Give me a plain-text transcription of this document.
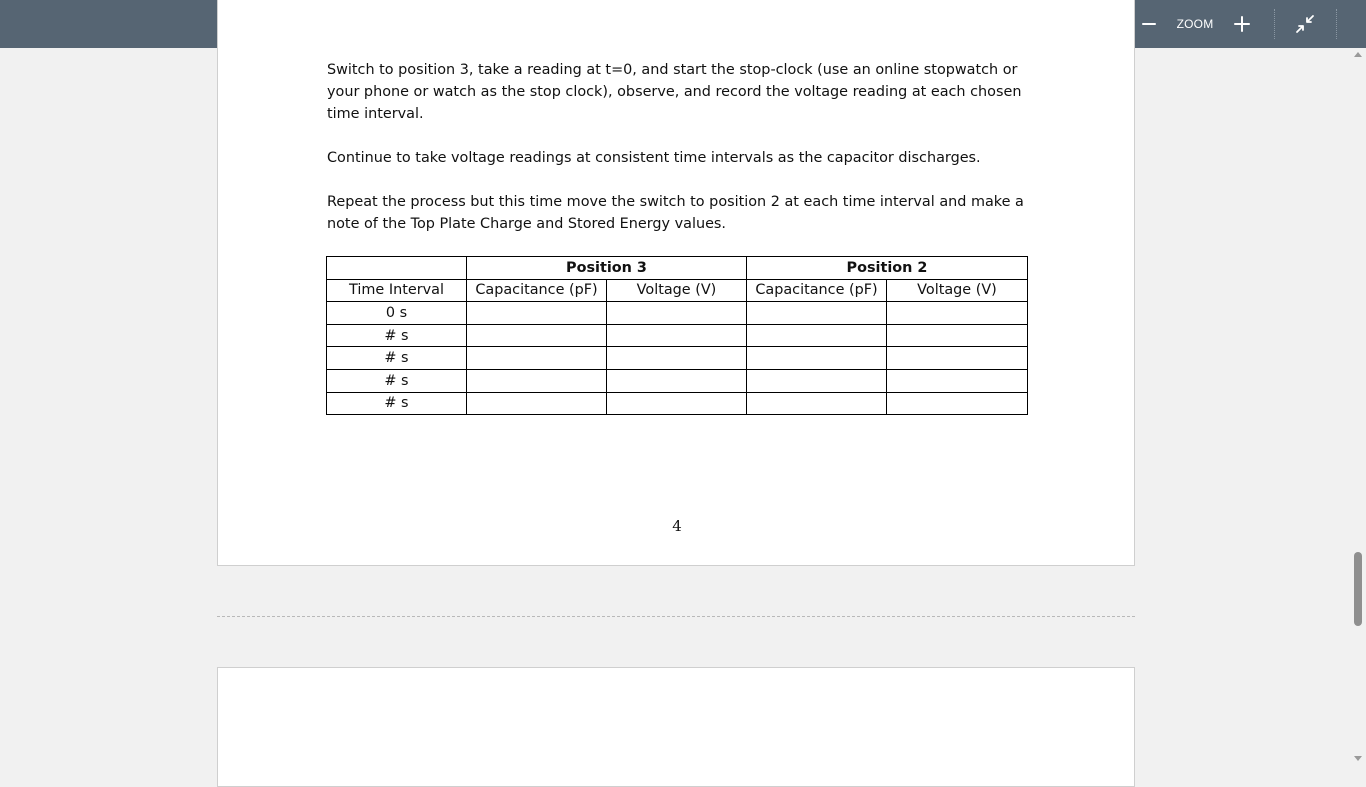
4
ZOOM

Switch to position 3, take a reading at t=0, and start the stop-clock (use an online stopwatch or your phone or watch as the stop clock), observe, and record the voltage reading at each chosen time interval.

Continue to take voltage readings at consistent time intervals as the capacitor discharges.

Repeat the process but this time move the switch to position 2 at each time interval and make a note of the Top Plate Charge and Stored Energy values.

	Position 3		Position 2	
Time Interval	Capacitance (pF)	Voltage (V)	Capacitance (pF)	Voltage (V)
0 s				
# s				
# s				
# s				
# s				
4
